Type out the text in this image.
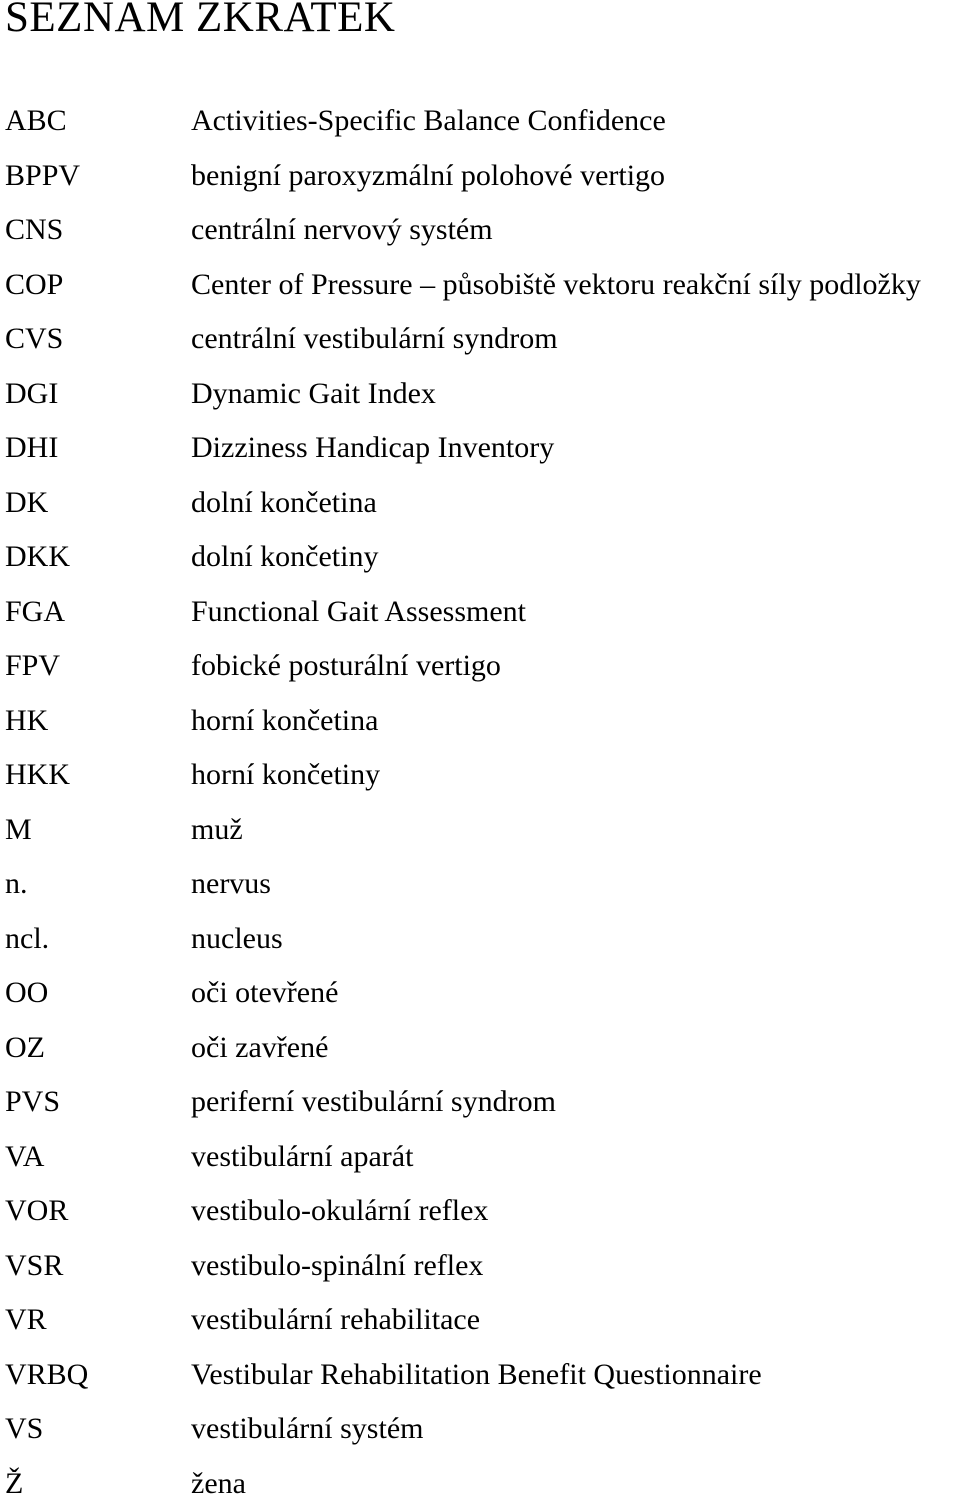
SEZNAM ZKRATEK
ABC	Activities-Specific Balance Confidence
BPPV	benigní paroxyzmální polohové vertigo
CNS	centrální nervový systém
COP	Center of Pressure – působiště vektoru reakční síly podložky
CVS	centrální vestibulární syndrom
DGI	Dynamic Gait Index
DHI	Dizziness Handicap Inventory
DK	dolní končetina
DKK	dolní končetiny
FGA	Functional Gait Assessment
FPV	fobické posturální vertigo
HK	horní končetina
HKK	horní končetiny
M	muž
n.	nervus
ncl.	nucleus
OO	oči otevřené
OZ	oči zavřené
PVS	periferní vestibulární syndrom
VA	vestibulární aparát
VOR	vestibulo-okulární reflex
VSR	vestibulo-spinální reflex
VR	vestibulární rehabilitace
VRBQ	Vestibular Rehabilitation Benefit Questionnaire
VS	vestibulární systém
Ž	žena
